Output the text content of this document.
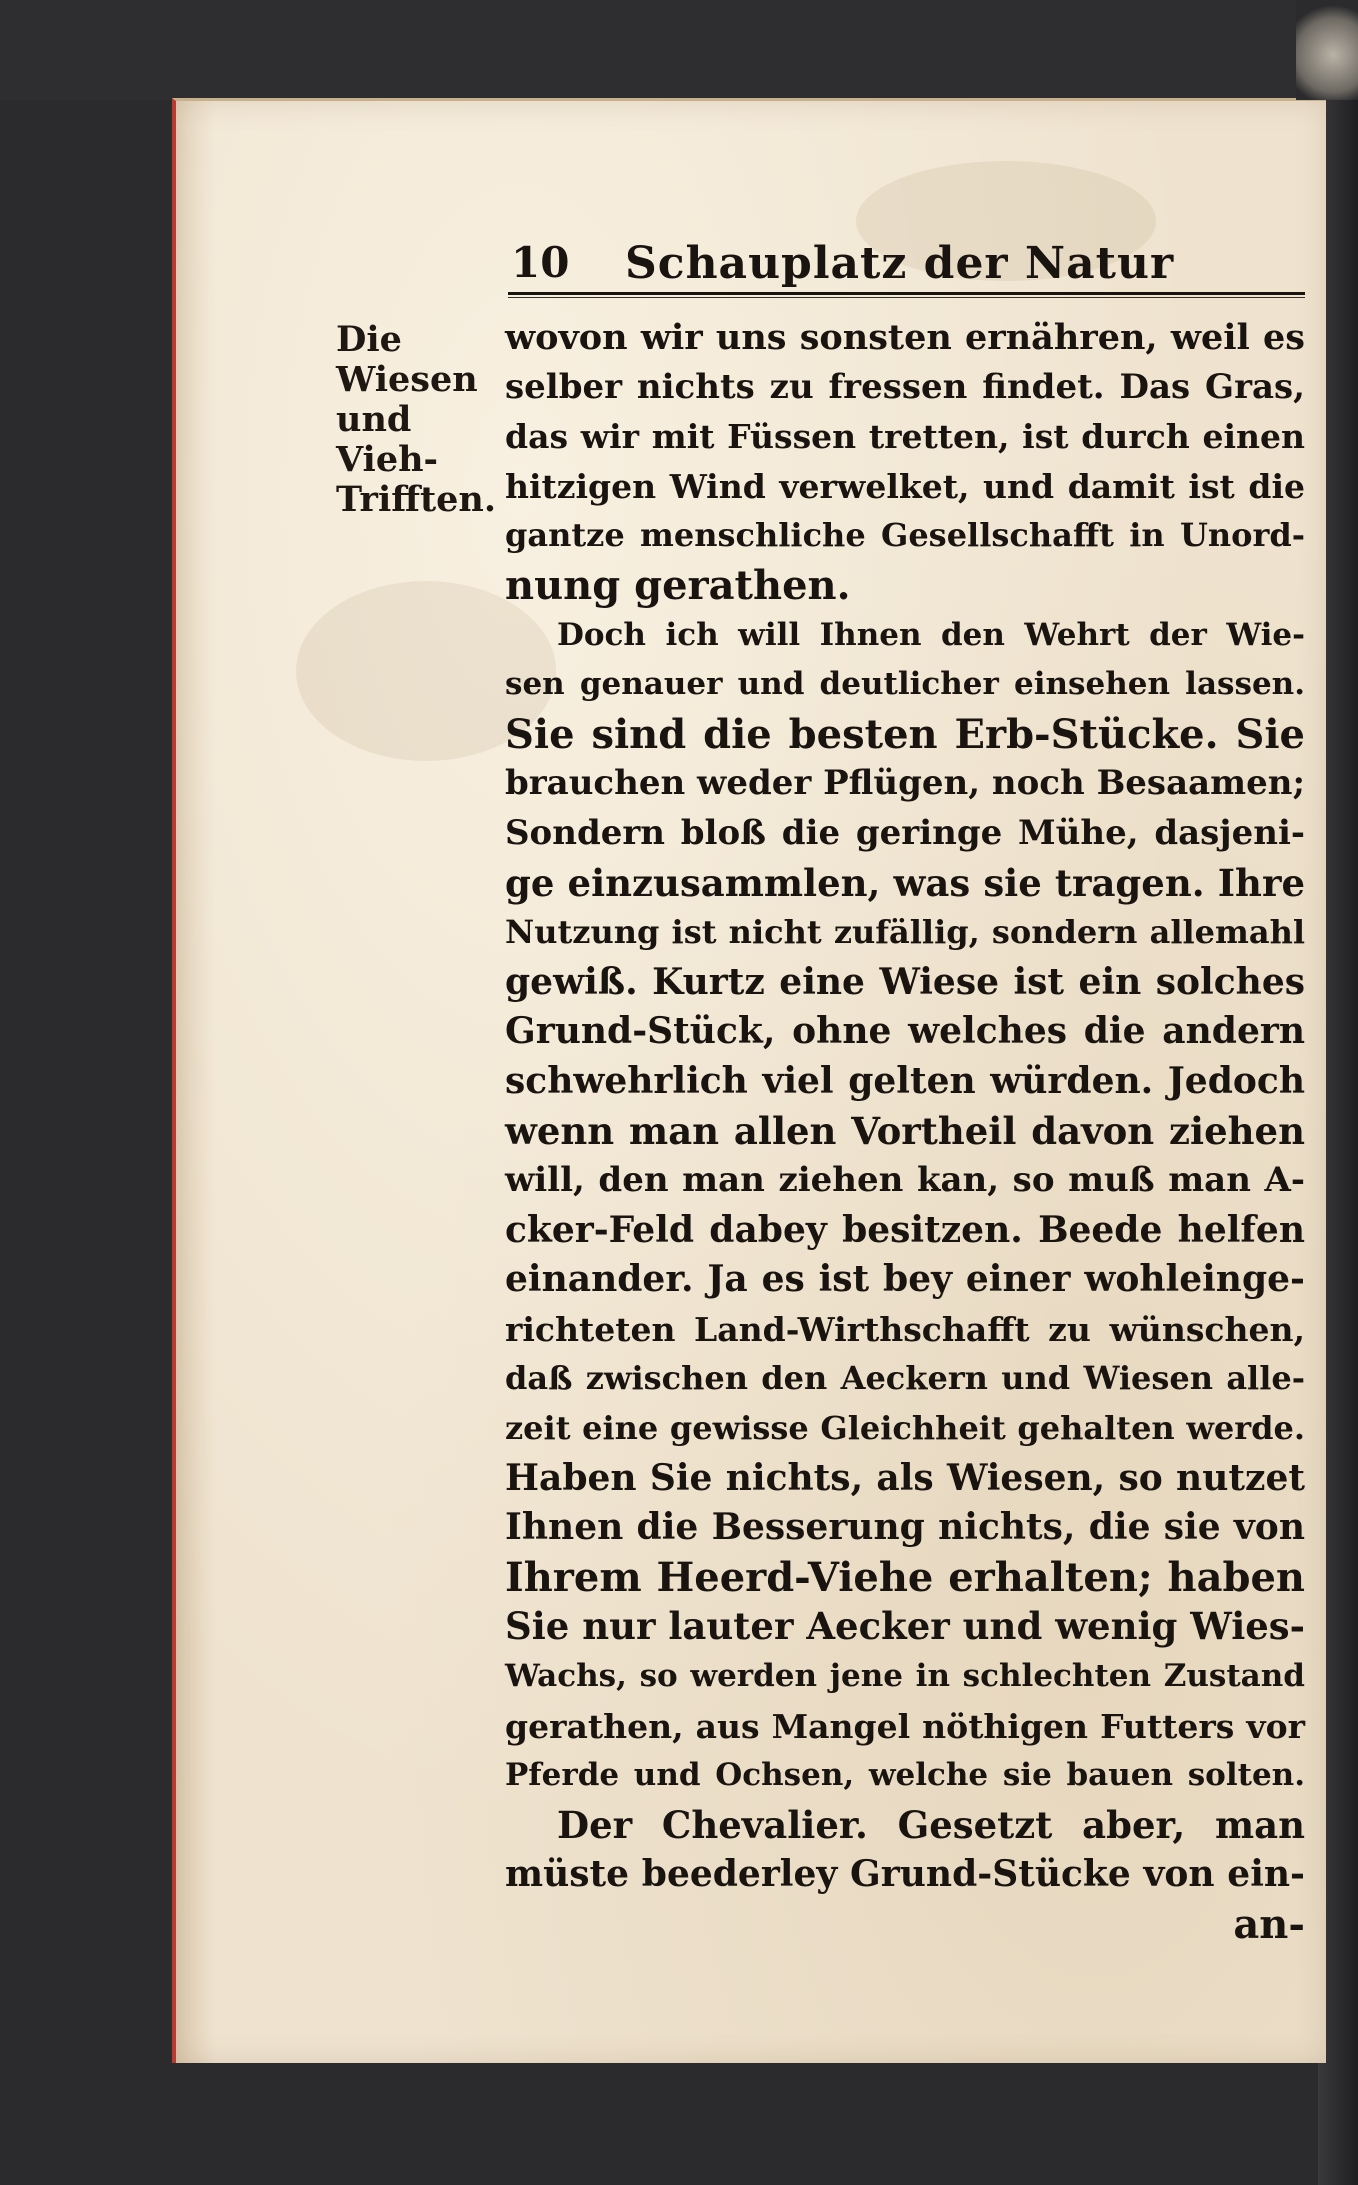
10 Schauplatz der Natur
Die
Wiesen
und
Vieh-
Trifften.
wovon wir uns sonsten ernähren, weil es
selber nichts zu fressen findet. Das Gras,
das wir mit Füssen tretten, ist durch einen
hitzigen Wind verwelket, und damit ist die
gantze menschliche Gesellschafft in Unord-
nung gerathen.
Doch ich will Ihnen den Wehrt der Wie-
sen genauer und deutlicher einsehen lassen.
Sie sind die besten Erb-Stücke. Sie
brauchen weder Pflügen, noch Besaamen;
Sondern bloß die geringe Mühe, dasjeni-
ge einzusammlen, was sie tragen. Ihre
Nutzung ist nicht zufällig, sondern allemahl
gewiß. Kurtz eine Wiese ist ein solches
Grund-Stück, ohne welches die andern
schwehrlich viel gelten würden. Jedoch
wenn man allen Vortheil davon ziehen
will, den man ziehen kan, so muß man A-
cker-Feld dabey besitzen. Beede helfen
einander. Ja es ist bey einer wohleinge-
richteten Land-Wirthschafft zu wünschen,
daß zwischen den Aeckern und Wiesen alle-
zeit eine gewisse Gleichheit gehalten werde.
Haben Sie nichts, als Wiesen, so nutzet
Ihnen die Besserung nichts, die sie von
Ihrem Heerd-Viehe erhalten; haben
Sie nur lauter Aecker und wenig Wies-
Wachs, so werden jene in schlechten Zustand
gerathen, aus Mangel nöthigen Futters vor
Pferde und Ochsen, welche sie bauen solten.
Der Chevalier. Gesetzt aber, man
müste beederley Grund-Stücke von ein-
an-
